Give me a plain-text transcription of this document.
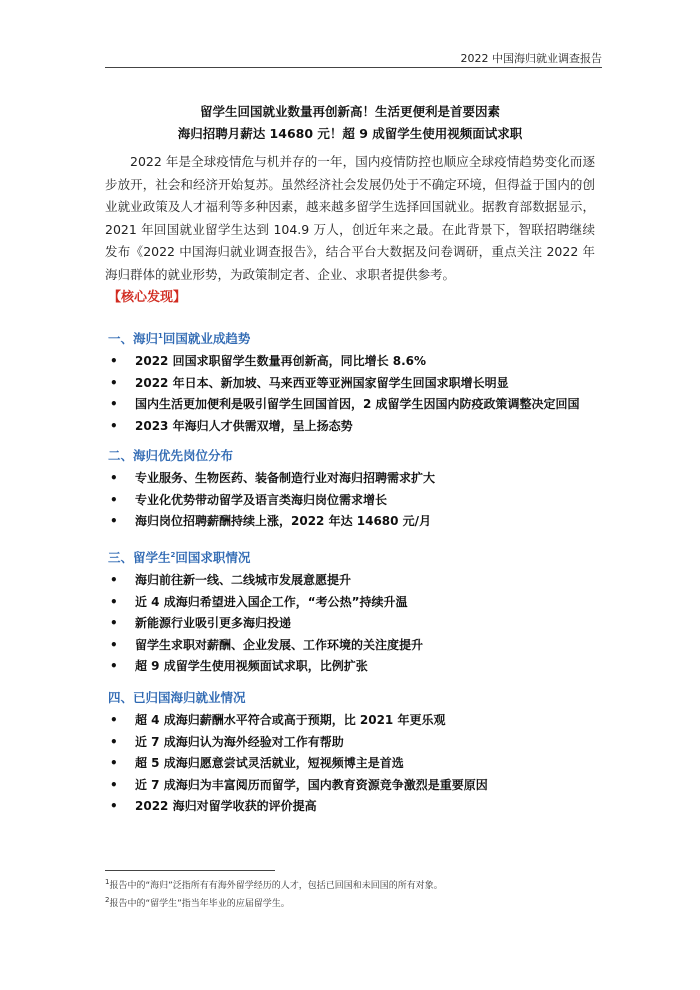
2022 中国海归就业调查报告
留学生回国就业数量再创新高！生活更便利是首要因素
海归招聘月薪达 14680 元！超 9 成留学生使用视频面试求职

2022 年是全球疫情危与机并存的一年，国内疫情防控也顺应全球疫情趋势变化而逐步放开，社会和经济开始复苏。虽然经济社会发展仍处于不确定环境，但得益于国内的创业就业政策及人才福利等多种因素，越来越多留学生选择回国就业。据教育部数据显示，2021 年回国就业留学生达到 104.9 万人，创近年来之最。在此背景下，智联招聘继续发布《2022 中国海归就业调查报告》，结合平台大数据及问卷调研，重点关注 2022 年海归群体的就业形势，为政策制定者、企业、求职者提供参考。

【核心发现】
一、海归$^1$回国就业成趋势
• 2022 回国求职留学生数量再创新高，同比增长 8.6%
• 2022 年日本、新加坡、马来西亚等亚洲国家留学生回国求职增长明显
• 国内生活更加便利是吸引留学生回国首因，2 成留学生因国内防疫政策调整决定回国
• 2023 年海归人才供需双增，呈上扬态势
二、海归优先岗位分布
• 专业服务、生物医药、装备制造行业对海归招聘需求扩大
• 专业化优势带动留学及语言类海归岗位需求增长
• 海归岗位招聘薪酬持续上涨，2022 年达 14680 元/月
三、留学生$^2$回国求职情况
• 海归前往新一线、二线城市发展意愿提升
• 近 4 成海归希望进入国企工作，“考公热”持续升温
• 新能源行业吸引更多海归投递
• 留学生求职对薪酬、企业发展、工作环境的关注度提升
• 超 9 成留学生使用视频面试求职，比例扩张
四、已归国海归就业情况
• 超 4 成海归薪酬水平符合或高于预期，比 2021 年更乐观
• 近 7 成海归认为海外经验对工作有帮助
• 超 5 成海归愿意尝试灵活就业，短视频博主是首选
• 近 7 成海归为丰富阅历而留学，国内教育资源竞争激烈是重要原因
• 2022 海归对留学收获的评价提高
$^1$报告中的“海归”泛指所有有海外留学经历的人才，包括已回国和未回国的所有对象。
$^2$报告中的“留学生”指当年毕业的应届留学生。
